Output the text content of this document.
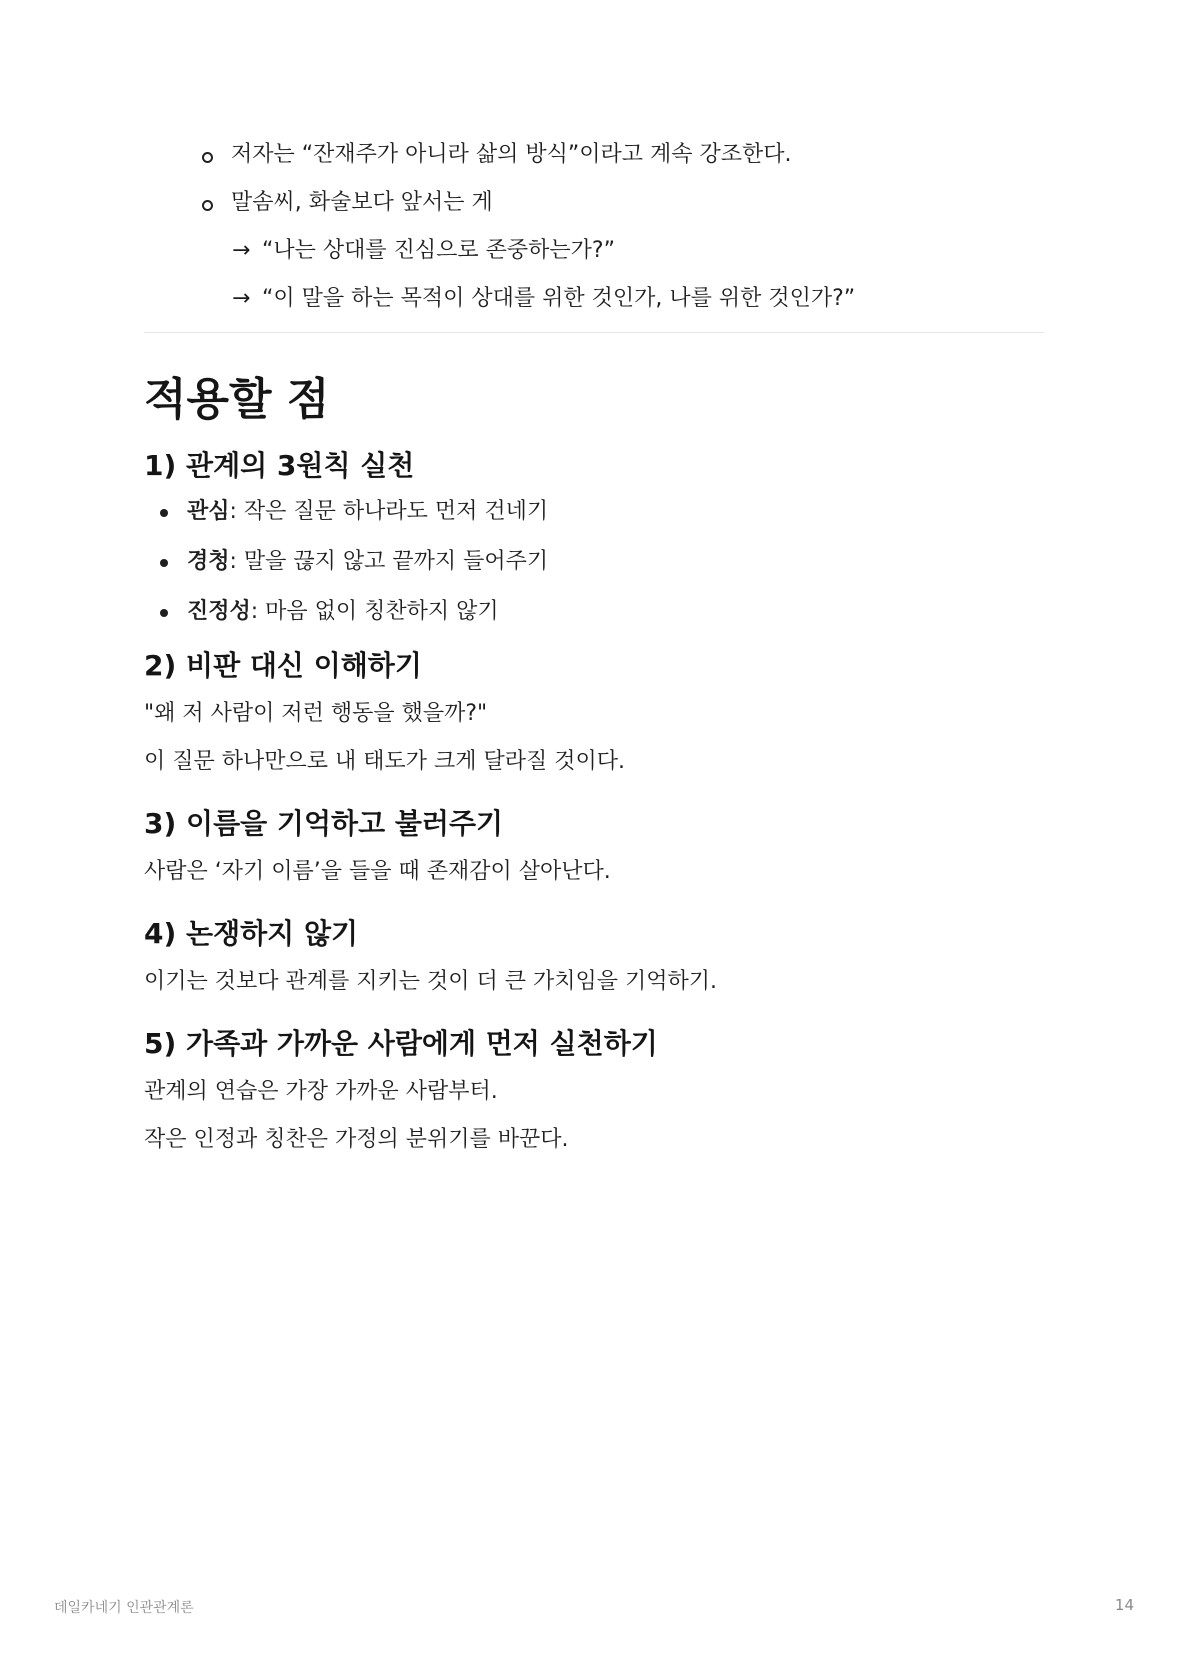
저자는 “잔재주가 아니라 삶의 방식”이라고 계속 강조한다.
말솜씨, 화술보다 앞서는 게
→ “나는 상대를 진심으로 존중하는가?”
→ “이 말을 하는 목적이 상대를 위한 것인가, 나를 위한 것인가?”
적용할 점
1) 관계의 3원칙 실천
관심: 작은 질문 하나라도 먼저 건네기
경청: 말을 끊지 않고 끝까지 들어주기
진정성: 마음 없이 칭찬하지 않기
2) 비판 대신 이해하기

"왜 저 사람이 저런 행동을 했을까?"

이 질문 하나만으로 내 태도가 크게 달라질 것이다.

3) 이름을 기억하고 불러주기

사람은 ‘자기 이름’을 들을 때 존재감이 살아난다.

4) 논쟁하지 않기

이기는 것보다 관계를 지키는 것이 더 큰 가치임을 기억하기.

5) 가족과 가까운 사람에게 먼저 실천하기

관계의 연습은 가장 가까운 사람부터.

작은 인정과 칭찬은 가정의 분위기를 바꾼다.

데일카네기 인관관계론	14
